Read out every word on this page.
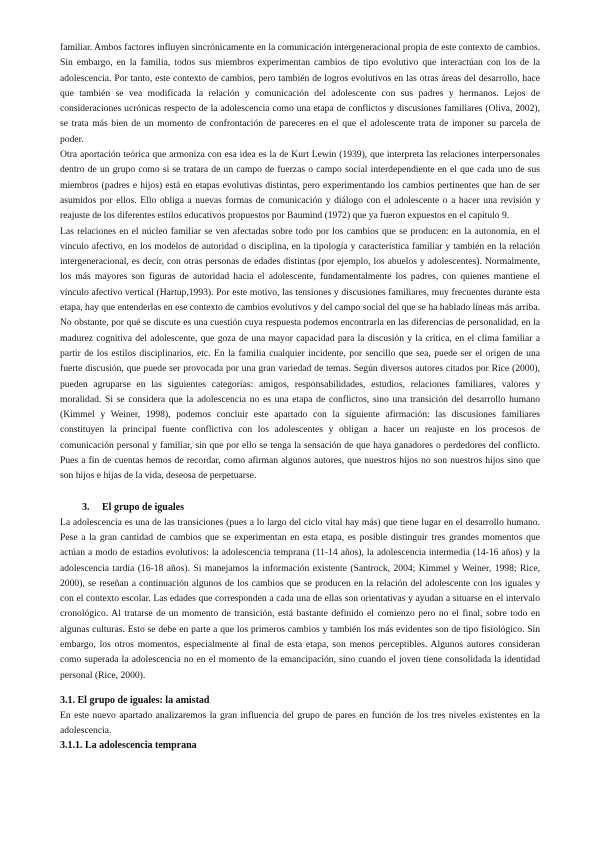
familiar. Ambos factores influyen sincrónicamente en la comunicación intergeneracional propia de este contexto de cambios. Sin embargo, en la familia, todos sus miembros experimentan cambios de tipo evolutivo que interactúan con los de la adolescencia. Por tanto, este contexto de cambios, pero también de logros evolutivos en las otras áreas del desarrollo, hace que también se vea modificada la relación y comunicación del adolescente con sus padres y hermanos. Lejos de consideraciones ucrónicas respecto de la adolescencia como una etapa de conflictos y discusiones familiares (Oliva, 2002), se trata más bien de un momento de confrontación de pareceres en el que el adolescente trata de imponer su parcela de poder.

Otra aportación teórica que armoniza con esa idea es la de Kurt Lewin (1939), que interpreta las relaciones interpersonales dentro de un grupo como si se tratara de un campo de fuerzas o campo social interdependiente en el que cada uno de sus miembros (padres e hijos) está en etapas evolutivas distintas, pero experimentando los cambios pertinentes que han de ser asumidos por ellos. Ello obliga a nuevas formas de comunicación y diálogo con el adolescente o a hacer una revisión y reajuste de los diferentes estilos educativos propuestos por Baumind (1972) que ya fueron expuestos en el capítulo 9.

Las relaciones en el núcleo familiar se ven afectadas sobre todo por los cambios que se producen: en la autonomía, en el vínculo afectivo, en los modelos de autoridad o disciplina, en la tipología y característica familiar y también en la relación intergeneracional, es decir, con otras personas de edades distintas (por ejemplo, los abuelos y adolescentes). Normalmente, los más mayores son figuras de autoridad hacia el adolescente, fundamentalmente los padres, con quienes mantiene el vínculo afectivo vertical (Hartup,1993). Por este motivo, las tensiones y discusiones familiares, muy frecuentes durante esta etapa, hay que entenderlas en ese contexto de cambios evolutivos y del campo social del que se ha hablado líneas más arriba. No obstante, por qué se discute es una cuestión cuya respuesta podemos encontrarla en las diferencias de personalidad, en la madurez cognitiva del adolescente, que goza de una mayor capacidad para la discusión y la crítica, en el clima familiar a partir de los estilos disciplinarios, etc. En la familia cualquier incidente, por sencillo que sea, puede ser el origen de una fuerte discusión, que puede ser provocada por una gran variedad de temas. Según diversos autores citados por Rice (2000), pueden agruparse en las siguientes categorías: amigos, responsabilidades, estudios, relaciones familiares, valores y moralidad. Si se considera que la adolescencia no es una etapa de conflictos, sino una transición del desarrollo humano (Kimmel y Weiner, 1998), podemos concluir este apartado con la siguiente afirmación: las discusiones familiares constituyen la principal fuente conflictiva con los adolescentes y obligan a hacer un reajuste en los procesos de comunicación personal y familiar, sin que por ello se tenga la sensación de que haya ganadores o perdedores del conflicto. Pues a fin de cuentas hemos de recordar, como afirman algunos autores, que nuestros hijos no son nuestros hijos sino que son hijos e hijas de la vida, deseosa de perpetuarse.

3. El grupo de iguales

La adolescencia es una de las transiciones (pues a lo largo del ciclo vital hay más) que tiene lugar en el desarrollo humano. Pese a la gran cantidad de cambios que se experimentan en esta etapa, es posible distinguir tres grandes momentos que actúan a modo de estadios evolutivos: la adolescencia temprana (11-14 años), la adolescencia intermedia (14-16 años) y la adolescencia tardía (16-18 años). Si manejamos la información existente (Santrock, 2004; Kimmel y Weiner, 1998; Rice, 2000), se reseñan a continuación algunos de los cambios que se producen en la relación del adolescente con los iguales y con el contexto escolar. Las edades que corresponden a cada una de ellas son orientativas y ayudan a situarse en el intervalo cronológico. Al tratarse de un momento de transición, está bastante definido el comienzo pero no el final, sobre todo en algunas culturas. Esto se debe en parte a que los primeros cambios y también los más evidentes son de tipo fisiológico. Sin embargo, los otros momentos, especialmente al final de esta etapa, son menos perceptibles. Algunos autores consideran como superada la adolescencia no en el momento de la emancipación, sino cuando el joven tiene consolidada la identidad personal (Rice, 2000).

3.1. El grupo de iguales: la amistad

En este nuevo apartado analizaremos la gran influencia del grupo de pares en función de los tres niveles existentes en la adolescencia.

3.1.1. La adolescencia temprana
